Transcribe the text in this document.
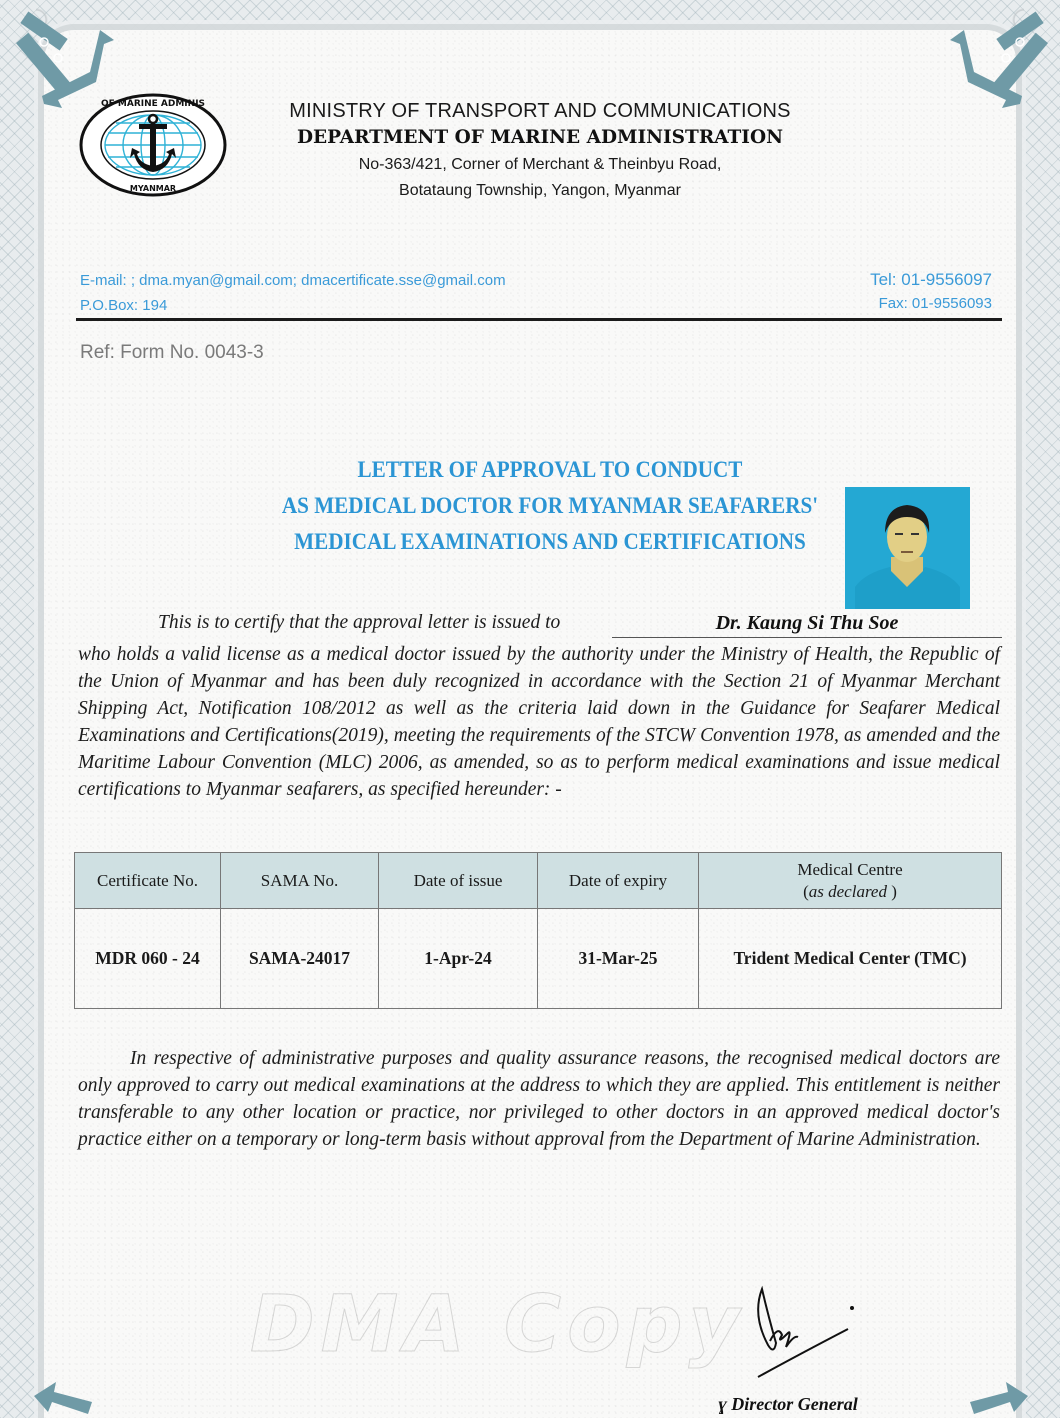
OF MARINE ADMINIS
MYANMAR
MINISTRY OF TRANSPORT AND COMMUNICATIONS
DEPARTMENT OF MARINE ADMINISTRATION
No-363/421, Corner of Merchant & Theinbyu Road,
Botataung Township, Yangon, Myanmar
E-mail: ; dma.myan@gmail.com; dmacertificate.sse@gmail.com
P.O.Box: 194
Tel: 01-9556097
Fax: 01-9556093
Ref: Form No. 0043-3
LETTER OF APPROVAL TO CONDUCT
AS MEDICAL DOCTOR FOR MYANMAR SEAFARERS'
MEDICAL EXAMINATIONS AND CERTIFICATIONS
This is to certify that the approval letter is issued to	Dr. Kaung Si Thu Soe
who holds a valid license as a medical doctor issued by the authority under the Ministry of Health, the Republic of the Union of Myanmar and has been duly recognized in accordance with the Section 21 of Myanmar Merchant Shipping Act, Notification 108/2012 as well as the criteria laid down in the Guidance for Seafarer Medical Examinations and Certifications(2019), meeting the requirements of the STCW Convention 1978, as amended and the Maritime Labour Convention (MLC) 2006, as amended, so as to perform medical examinations and issue medical certifications to Myanmar seafarers, as specified hereunder: -
Certificate No.	SAMA No.	Date of issue	Date of expiry	Medical Centre
(as declared )

MDR 060 - 24	SAMA-24017	1-Apr-24	31-Mar-25	Trident Medical Center (TMC)
In respective of administrative purposes and quality assurance reasons, the recognised medical doctors are only approved to carry out medical examinations at the address to which they are applied. This entitlement is neither transferable to any other location or practice, nor privileged to other doctors in an approved medical doctor's practice either on a temporary or long-term basis without approval from the Department of Marine Administration.
DMA Copy
ɣ Director General
